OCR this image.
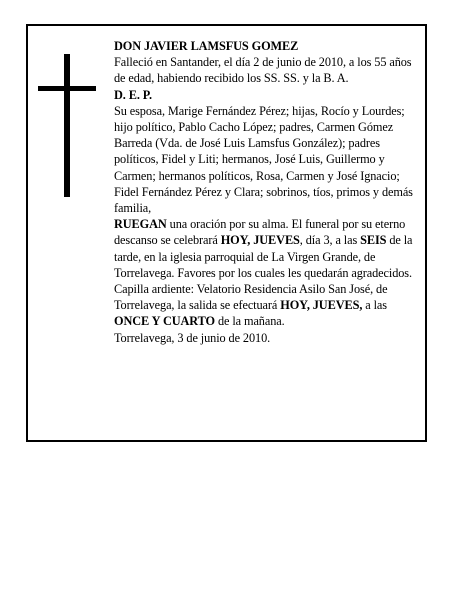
DON JAVIER LAMSFUS GOMEZ

Falleció en Santander, el día 2 de junio de 2010, a los 55 años de edad, habiendo recibido los SS. SS. y la B. A.

D. E. P.

Su esposa, Marige Fernández Pérez; hijas, Rocío y Lourdes; hijo político, Pablo Cacho López; padres, Carmen Gómez Barreda (Vda. de José Luis Lamsfus González); padres políticos, Fidel y Liti; hermanos, José Luis, Guillermo y Carmen; hermanos políticos, Rosa, Carmen y José Ignacio; Fidel Fernández Pérez y Clara; sobrinos, tíos, primos y demás familia,

RUEGAN una oración por su alma. El funeral por su eterno descanso se celebrará HOY, JUEVES, día 3, a las SEIS de la tarde, en la iglesia parroquial de La Virgen Grande, de Torrelavega. Favores por los cuales les quedarán agradecidos. Capilla ardiente: Velatorio Residencia Asilo San José, de Torrelavega, la salida se efectuará HOY, JUEVES, a las ONCE Y CUARTO de la mañana.

Torrelavega, 3 de junio de 2010.
